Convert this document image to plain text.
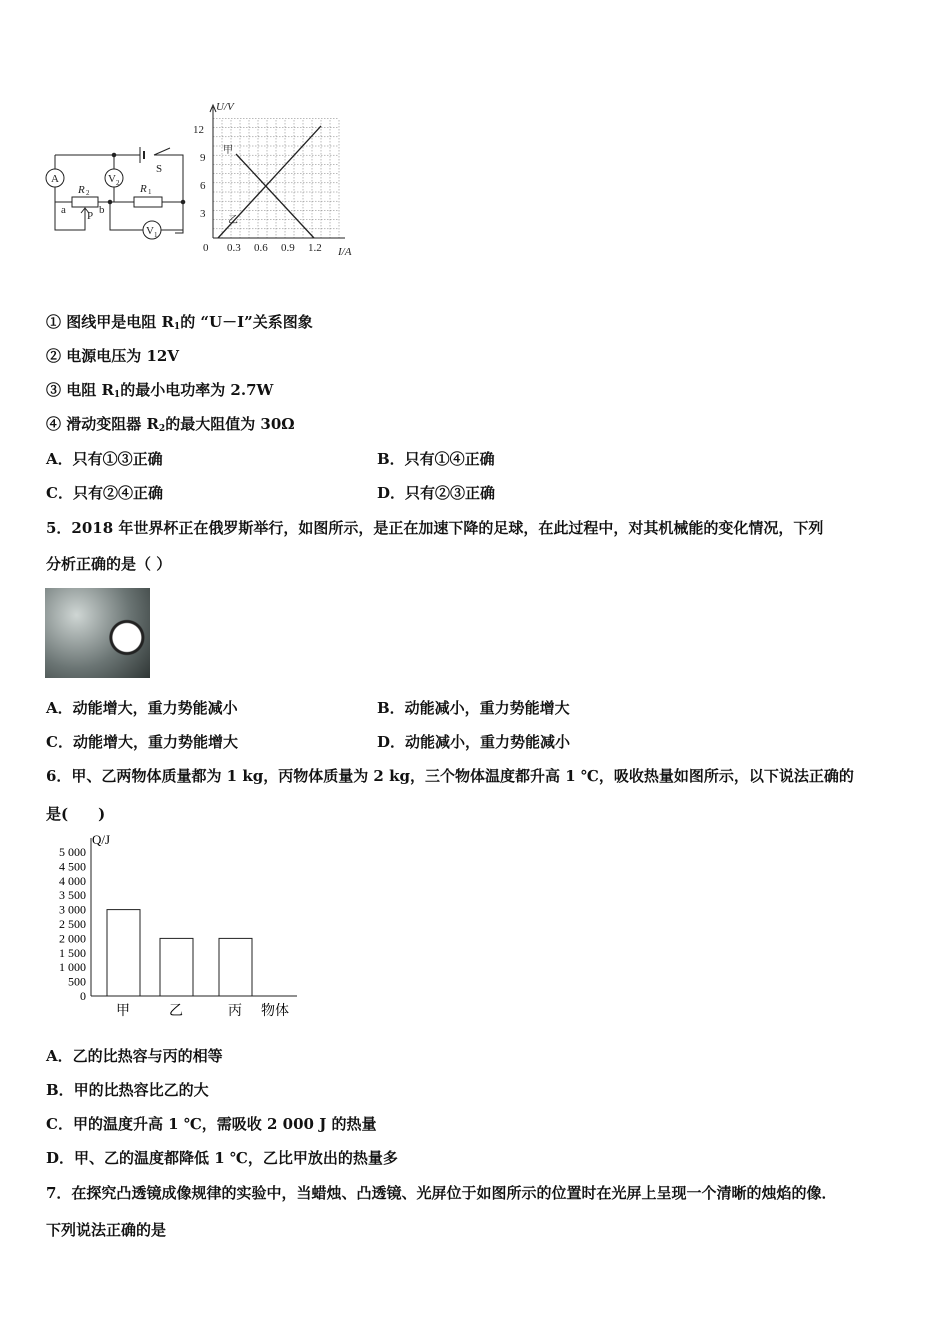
A	V 2
V 1
R 2	R 1
S
a P b
U/V
I/A
0
12
9
6
3
0.3 0.6 0.9 1.2
甲
乙
① 图线甲是电阻 R1的 “U－I”关系图象
② 电源电压为 12V
③ 电阻 R1的最小电功率为 2.7W
④ 滑动变阻器 R2的最大阻值为 30Ω
A．只有①③正确	B．只有①④正确
C．只有②④正确	D．只有②③正确
5．2018 年世界杯正在俄罗斯举行，如图所示，是正在加速下降的足球，在此过程中，对其机械能的变化情况，下列
分析正确的是（ ）
A．动能增大，重力势能减小	B．动能减小，重力势能增大
C．动能增大，重力势能增大	D．动能减小，重力势能减小
6．甲、乙两物体质量都为 1 kg，丙物体质量为 2 kg，三个物体温度都升高 1 ℃，吸收热量如图所示，以下说法正确的
是(　　)
Q/J
物体
5 000
4 500
4 000
3 500
3 000
2 500
2 000
1 500
1 000
500
0
甲	乙	丙
A．乙的比热容与丙的相等
B．甲的比热容比乙的大
C．甲的温度升高 1 ℃，需吸收 2 000 J 的热量
D．甲、乙的温度都降低 1 ℃，乙比甲放出的热量多
7．在探究凸透镜成像规律的实验中，当蜡烛、凸透镜、光屏位于如图所示的位置时在光屏上呈现一个清晰的烛焰的像．
下列说法正确的是
